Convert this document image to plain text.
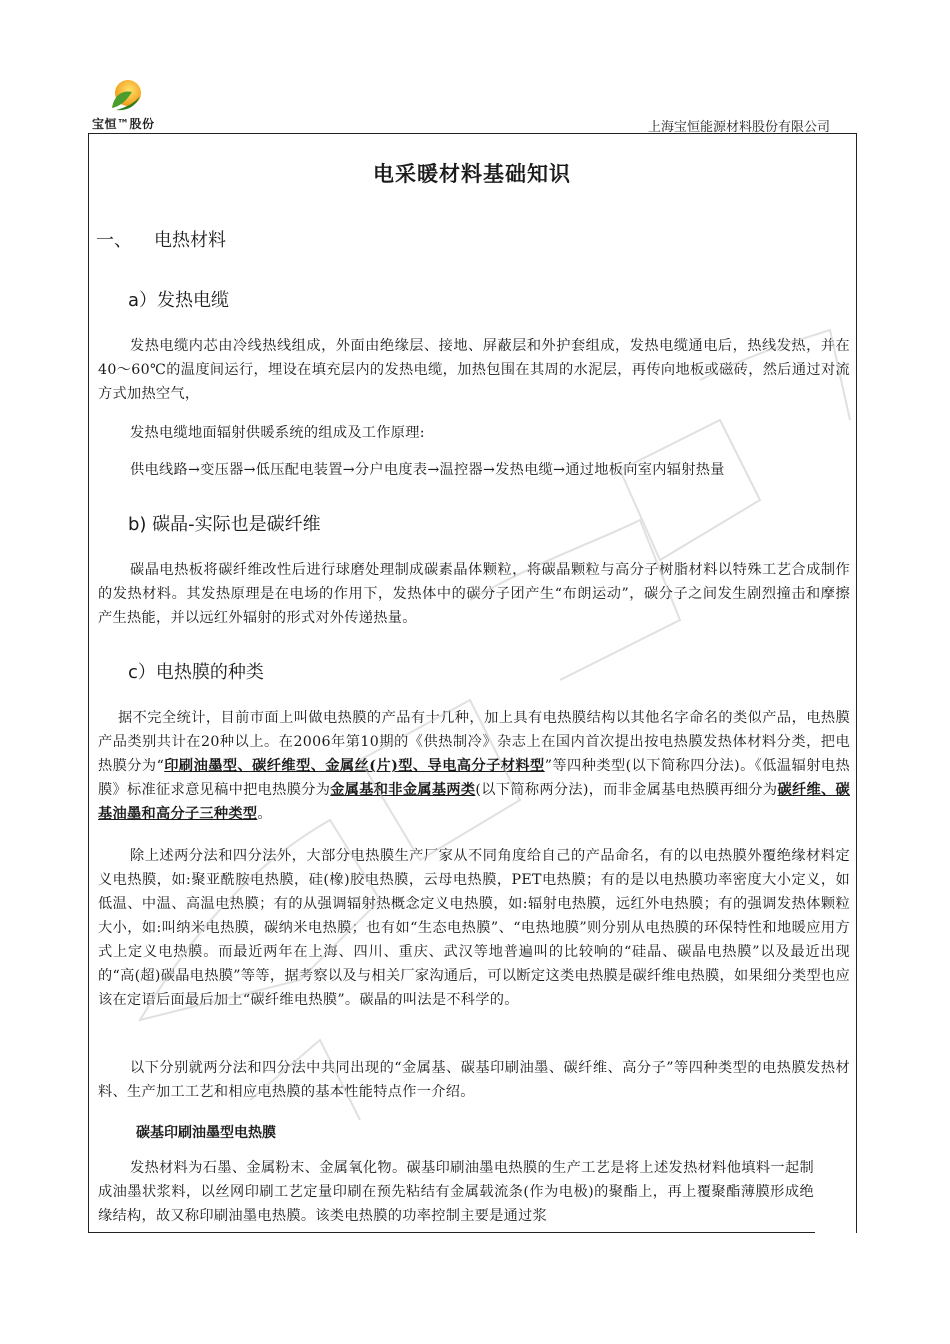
宝恒™股份	上海宝恒能源材料股份有限公司
电采暖材料基础知识
一、 电热材料
a）发热电缆
发热电缆内芯由冷线热线组成，外面由绝缘层、接地、屏蔽层和外护套组成，发热电缆通电后，热线发热，并在40～60℃的温度间运行，埋设在填充层内的发热电缆，加热包围在其周的水泥层，再传向地板或磁砖，然后通过对流方式加热空气，
发热电缆地面辐射供暖系统的组成及工作原理:
供电线路→变压器→低压配电装置→分户电度表→温控器→发热电缆→通过地板向室内辐射热量
b) 碳晶-实际也是碳纤维
碳晶电热板将碳纤维改性后进行球磨处理制成碳素晶体颗粒，将碳晶颗粒与高分子树脂材料以特殊工艺合成制作的发热材料。其发热原理是在电场的作用下，发热体中的碳分子团产生“布朗运动”，碳分子之间发生剧烈撞击和摩擦产生热能，并以远红外辐射的形式对外传递热量。
c）电热膜的种类
据不完全统计，目前市面上叫做电热膜的产品有十几种，加上具有电热膜结构以其他名字命名的类似产品，电热膜产品类别共计在20种以上。在2006年第10期的《供热制冷》杂志上在国内首次提出按电热膜发热体材料分类，把电热膜分为“印刷油墨型、碳纤维型、金属丝(片)型、导电高分子材料型”等四种类型(以下简称四分法)。《低温辐射电热膜》标准征求意见稿中把电热膜分为金属基和非金属基两类(以下简称两分法)，而非金属基电热膜再细分为碳纤维、碳基油墨和高分子三种类型。
除上述两分法和四分法外，大部分电热膜生产厂家从不同角度给自己的产品命名，有的以电热膜外覆绝缘材料定义电热膜，如:聚亚酰胺电热膜，硅(橡)胶电热膜，云母电热膜，PET电热膜；有的是以电热膜功率密度大小定义，如低温、中温、高温电热膜；有的从强调辐射热概念定义电热膜，如:辐射电热膜，远红外电热膜；有的强调发热体颗粒大小，如:叫纳米电热膜，碳纳米电热膜；也有如“生态电热膜”、“电热地膜”则分别从电热膜的环保特性和地暖应用方式上定义电热膜。而最近两年在上海、四川、重庆、武汉等地普遍叫的比较响的“硅晶、碳晶电热膜”以及最近出现的“高(超)碳晶电热膜”等等，据考察以及与相关厂家沟通后，可以断定这类电热膜是碳纤维电热膜，如果细分类型也应该在定语后面最后加上“碳纤维电热膜”。碳晶的叫法是不科学的。
以下分别就两分法和四分法中共同出现的“金属基、碳基印刷油墨、碳纤维、高分子”等四种类型的电热膜发热材料、生产加工工艺和相应电热膜的基本性能特点作一介绍。
碳基印刷油墨型电热膜
发热材料为石墨、金属粉末、金属氧化物。碳基印刷油墨电热膜的生产工艺是将上述发热材料他填料一起制成油墨状浆料，以丝网印刷工艺定量印刷在预先粘结有金属载流条(作为电极)的聚酯上，再上覆聚酯薄膜形成绝缘结构，故又称印刷油墨电热膜。该类电热膜的功率控制主要是通过浆
